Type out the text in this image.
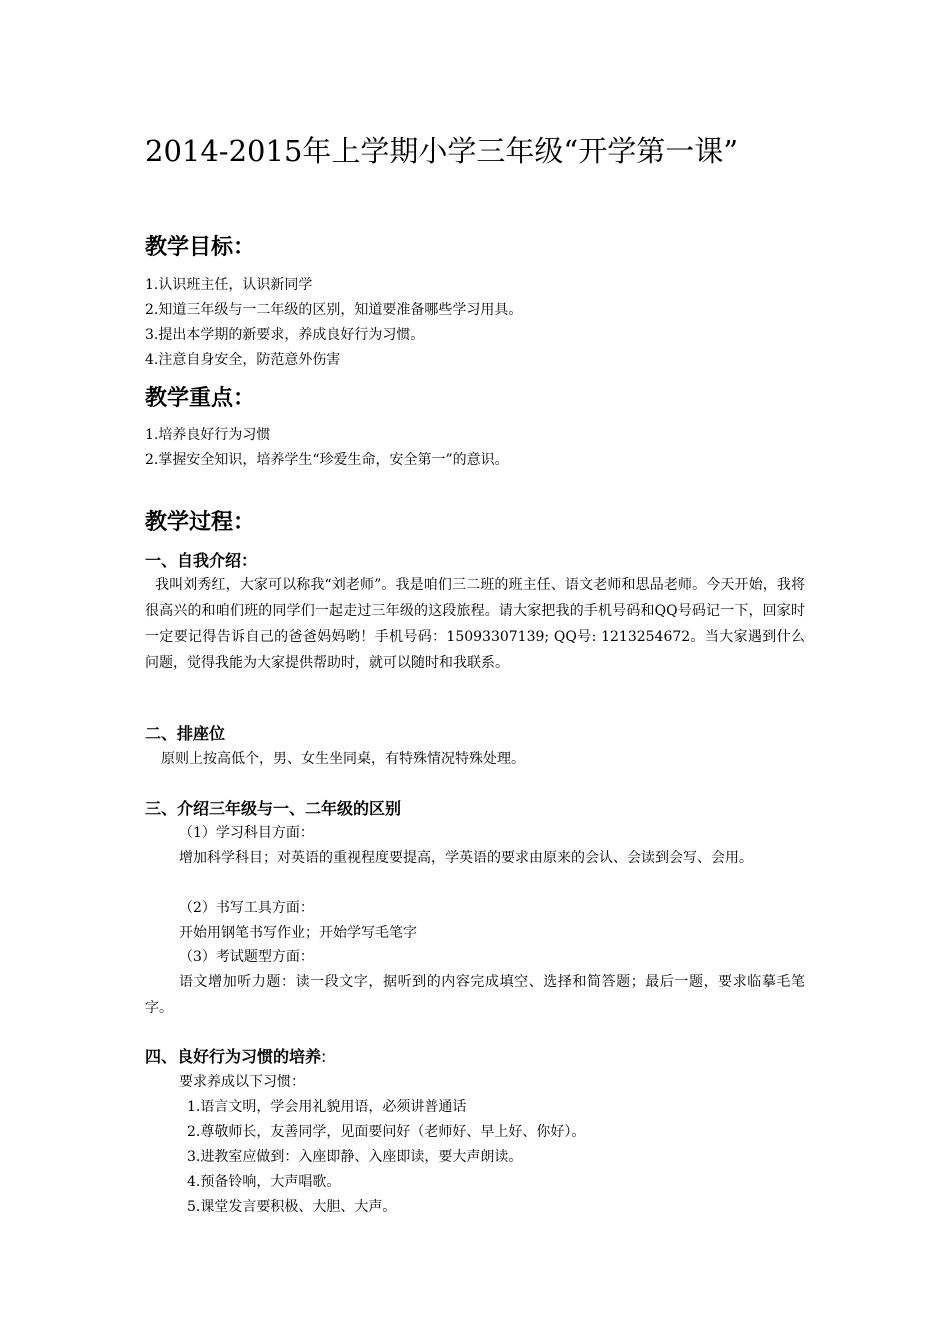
2014-2015年上学期小学三年级“开学第一课”
教学目标：
1.认识班主任，认识新同学
2.知道三年级与一二年级的区别，知道要准备哪些学习用具。
3.提出本学期的新要求，养成良好行为习惯。
4.注意自身安全，防范意外伤害
教学重点：
1.培养良好行为习惯
2.掌握安全知识，培养学生“珍爱生命，安全第一”的意识。
教学过程：
一、自我介绍：
我叫刘秀红，大家可以称我“刘老师”。我是咱们三二班的班主任、语文老师和思品老师。今天开始，我将很高兴的和咱们班的同学们一起走过三年级的这段旅程。请大家把我的手机号码和QQ号码记一下，回家时一定要记得告诉自己的爸爸妈妈哟！手机号码：15093307139; QQ号: 1213254672。当大家遇到什么问题，觉得我能为大家提供帮助时，就可以随时和我联系。
二、排座位
原则上按高低个，男、女生坐同桌，有特殊情况特殊处理。
三、介绍三年级与一、二年级的区别
（1）学习科目方面：
增加科学科目；对英语的重视程度要提高，学英语的要求由原来的会认、会读到会写、会用。
（2）书写工具方面：
开始用钢笔书写作业；开始学写毛笔字
（3）考试题型方面：
语文增加听力题：读一段文字，据听到的内容完成填空、选择和简答题；最后一题，要求临摹毛笔字。
四、良好行为习惯的培养:
要求养成以下习惯：
1.语言文明，学会用礼貌用语，必须讲普通话
2.尊敬师长，友善同学，见面要问好（老师好、早上好、你好）。
3.进教室应做到：入座即静、入座即读，要大声朗读。
4.预备铃响，大声唱歌。
5.课堂发言要积极、大胆、大声。
